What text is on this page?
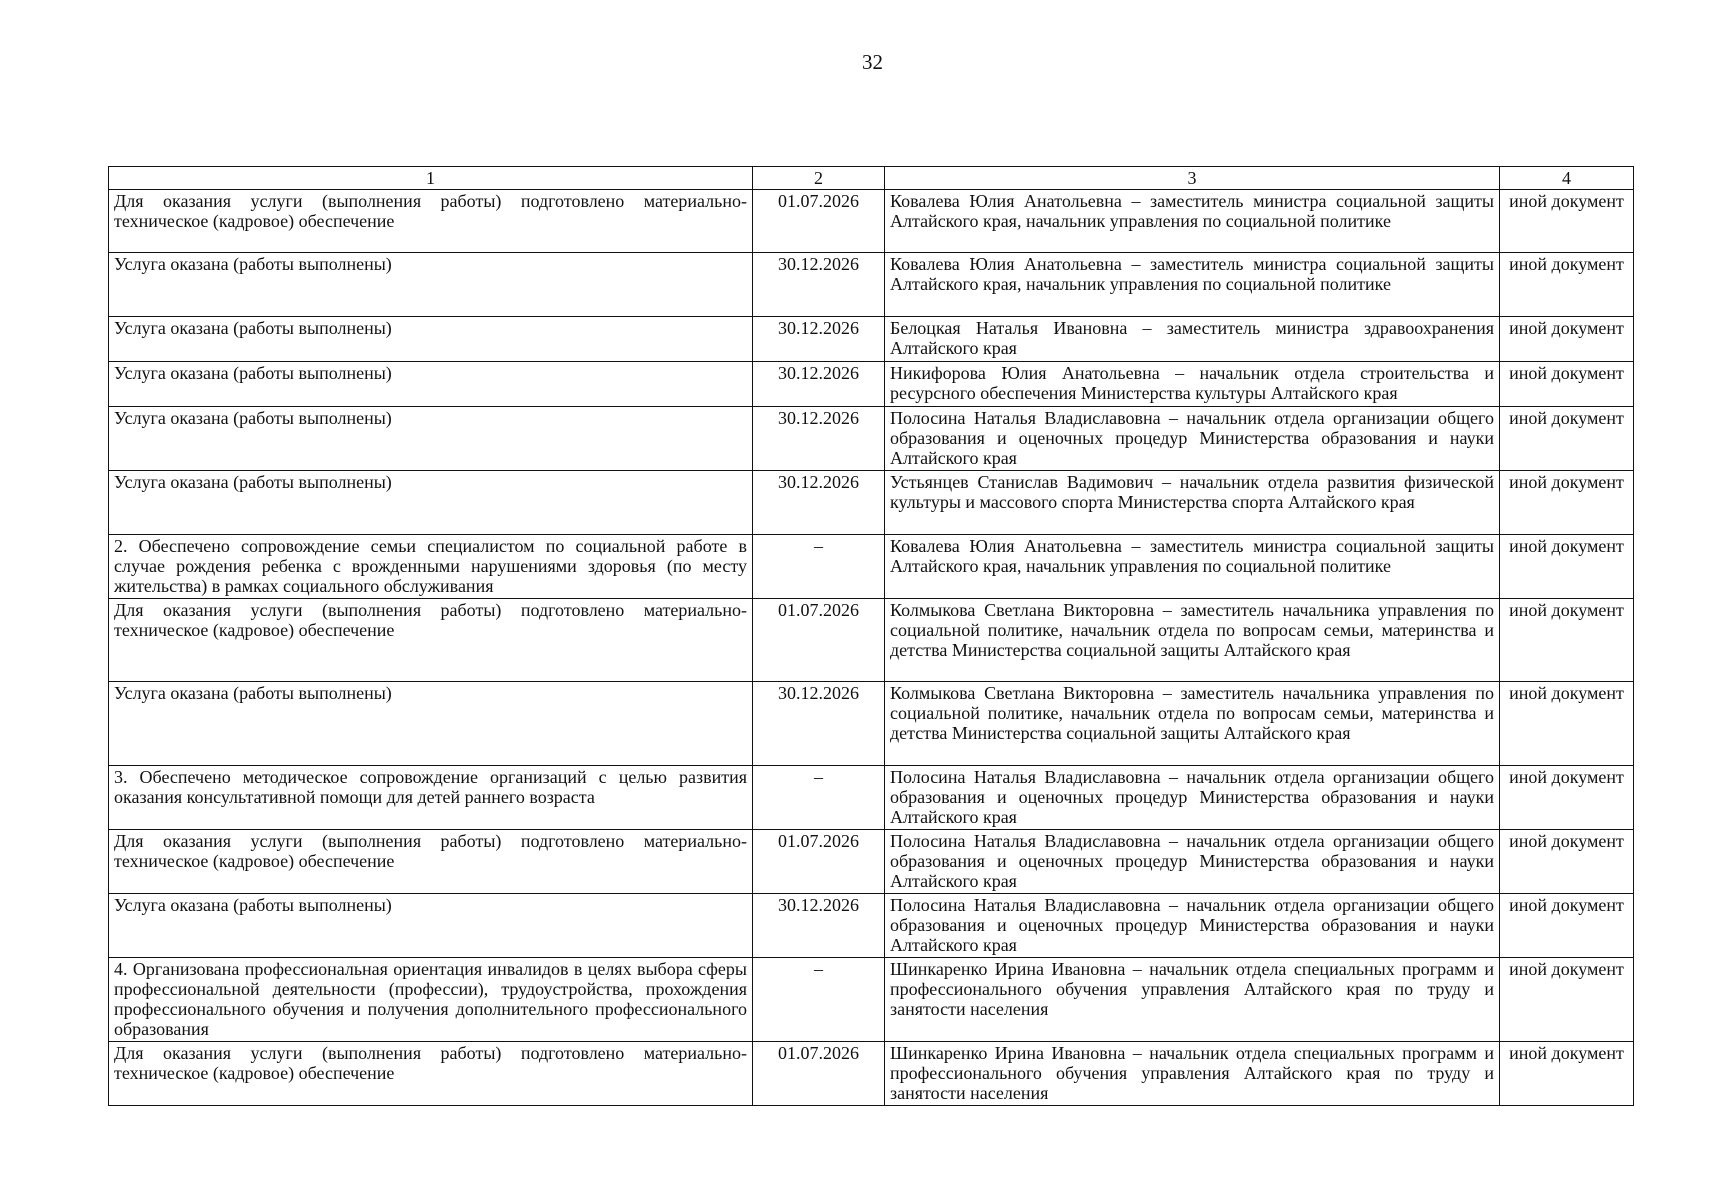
32
1	2	3	4
Для оказания услуги (выполнения работы) подготовлено материально-техническое (кадровое) обеспечение	01.07.2026	Ковалева Юлия Анатольевна – заместитель министра социальной защиты Алтайского края, начальник управления по социальной политике	иной документ
Услуга оказана (работы выполнены)	30.12.2026	Ковалева Юлия Анатольевна – заместитель министра социальной защиты Алтайского края, начальник управления по социальной политике	иной документ
Услуга оказана (работы выполнены)	30.12.2026	Белоцкая Наталья Ивановна – заместитель министра здравоохранения Алтайского края	иной документ
Услуга оказана (работы выполнены)	30.12.2026	Никифорова Юлия Анатольевна – начальник отдела строительства и ресурсного обеспечения Министерства культуры Алтайского края	иной документ
Услуга оказана (работы выполнены)	30.12.2026	Полосина Наталья Владиславовна – начальник отдела организации общего образования и оценочных процедур Министерства образования и науки Алтайского края	иной документ
Услуга оказана (работы выполнены)	30.12.2026	Устьянцев Станислав Вадимович – начальник отдела развития физической культуры и массового спорта Министерства спорта Алтайского края	иной документ
2. Обеспечено сопровождение семьи специалистом по социальной работе в случае рождения ребенка с врожденными нарушениями здоровья (по месту жительства) в рамках социального обслуживания	–	Ковалева Юлия Анатольевна – заместитель министра социальной защиты Алтайского края, начальник управления по социальной политике	иной документ
Для оказания услуги (выполнения работы) подготовлено материально-техническое (кадровое) обеспечение	01.07.2026	Колмыкова Светлана Викторовна – заместитель начальника управления по социальной политике, начальник отдела по вопросам семьи, материнства и детства Министерства социальной защиты Алтайского края	иной документ
Услуга оказана (работы выполнены)	30.12.2026	Колмыкова Светлана Викторовна – заместитель начальника управления по социальной политике, начальник отдела по вопросам семьи, материнства и детства Министерства социальной защиты Алтайского края	иной документ
3. Обеспечено методическое сопровождение организаций с целью развития оказания консультативной помощи для детей раннего возраста	–	Полосина Наталья Владиславовна – начальник отдела организации общего образования и оценочных процедур Министерства образования и науки Алтайского края	иной документ
Для оказания услуги (выполнения работы) подготовлено материально-техническое (кадровое) обеспечение	01.07.2026	Полосина Наталья Владиславовна – начальник отдела организации общего образования и оценочных процедур Министерства образования и науки Алтайского края	иной документ
Услуга оказана (работы выполнены)	30.12.2026	Полосина Наталья Владиславовна – начальник отдела организации общего образования и оценочных процедур Министерства образования и науки Алтайского края	иной документ
4. Организована профессиональная ориентация инвалидов в целях выбора сферы профессиональной деятельности (профессии), трудоустройства, прохождения профессионального обучения и получения дополнительного профессионального образования	–	Шинкаренко Ирина Ивановна – начальник отдела специальных программ и профессионального обучения управления Алтайского края по труду и занятости населения	иной документ
Для оказания услуги (выполнения работы) подготовлено материально-техническое (кадровое) обеспечение	01.07.2026	Шинкаренко Ирина Ивановна – начальник отдела специальных программ и профессионального обучения управления Алтайского края по труду и занятости населения	иной документ
